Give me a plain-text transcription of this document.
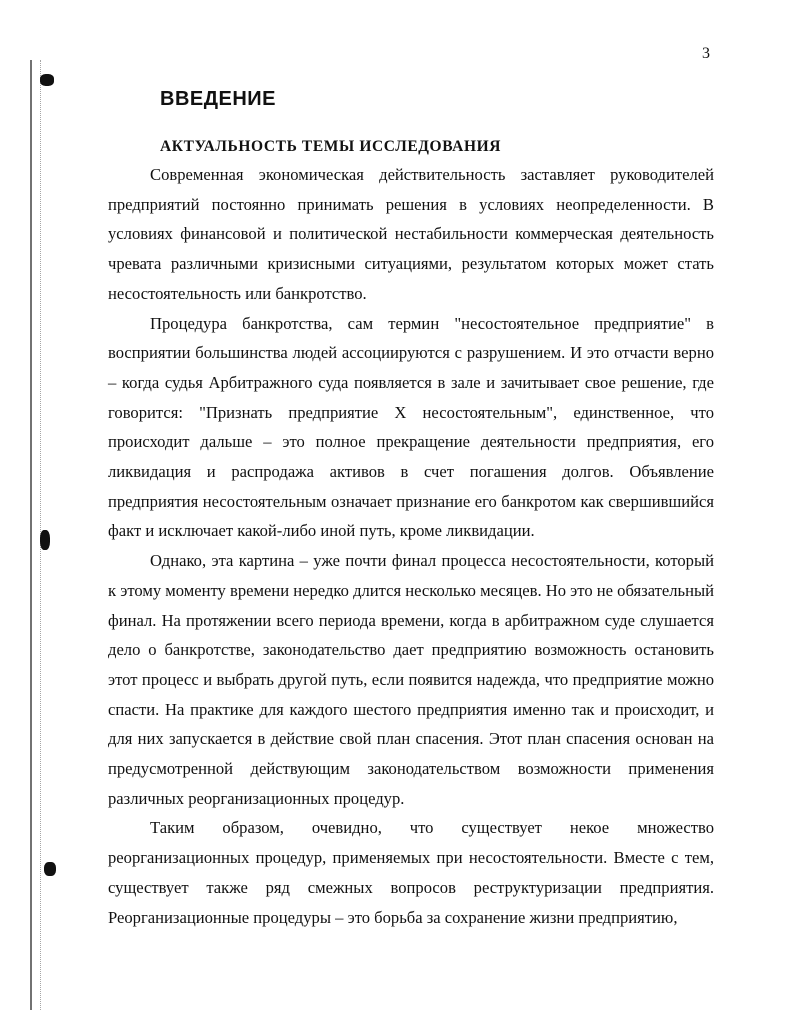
3
ВВЕДЕНИЕ
АКТУАЛЬНОСТЬ ТЕМЫ ИССЛЕДОВАНИЯ

Современная экономическая действительность заставляет руководителей предприятий постоянно принимать решения в условиях неопределенности. В условиях финансовой и политической нестабильности коммерческая деятельность чревата различными кризисными ситуациями, результатом которых может стать несостоятельность или банкротство.

Процедура банкротства, сам термин "несостоятельное предприятие" в восприятии большинства людей ассоциируются с разрушением. И это отчасти верно – когда судья Арбитражного суда появляется в зале и зачитывает свое решение, где говорится: "Признать предприятие X несостоятельным", единственное, что происходит дальше – это полное прекращение деятельности предприятия, его ликвидация и распродажа активов в счет погашения долгов. Объявление предприятия несостоятельным означает признание его банкротом как свершившийся факт и исключает какой-либо иной путь, кроме ликвидации.

Однако, эта картина – уже почти финал процесса несостоятельности, который к этому моменту времени нередко длится несколько месяцев. Но это не обязательный финал. На протяжении всего периода времени, когда в арбитражном суде слушается дело о банкротстве, законодательство дает предприятию возможность остановить этот процесс и выбрать другой путь, если появится надежда, что предприятие можно спасти. На практике для каждого шестого предприятия именно так и происходит, и для них запускается в действие свой план спасения. Этот план спасения основан на предусмотренной действующим законодательством возможности применения различных реорганизационных процедур.

Таким образом, очевидно, что существует некое множество реорганизационных процедур, применяемых при несостоятельности. Вместе с тем, существует также ряд смежных вопросов реструктуризации предприятия. Реорганизационные процедуры – это борьба за сохранение жизни предприятию,
